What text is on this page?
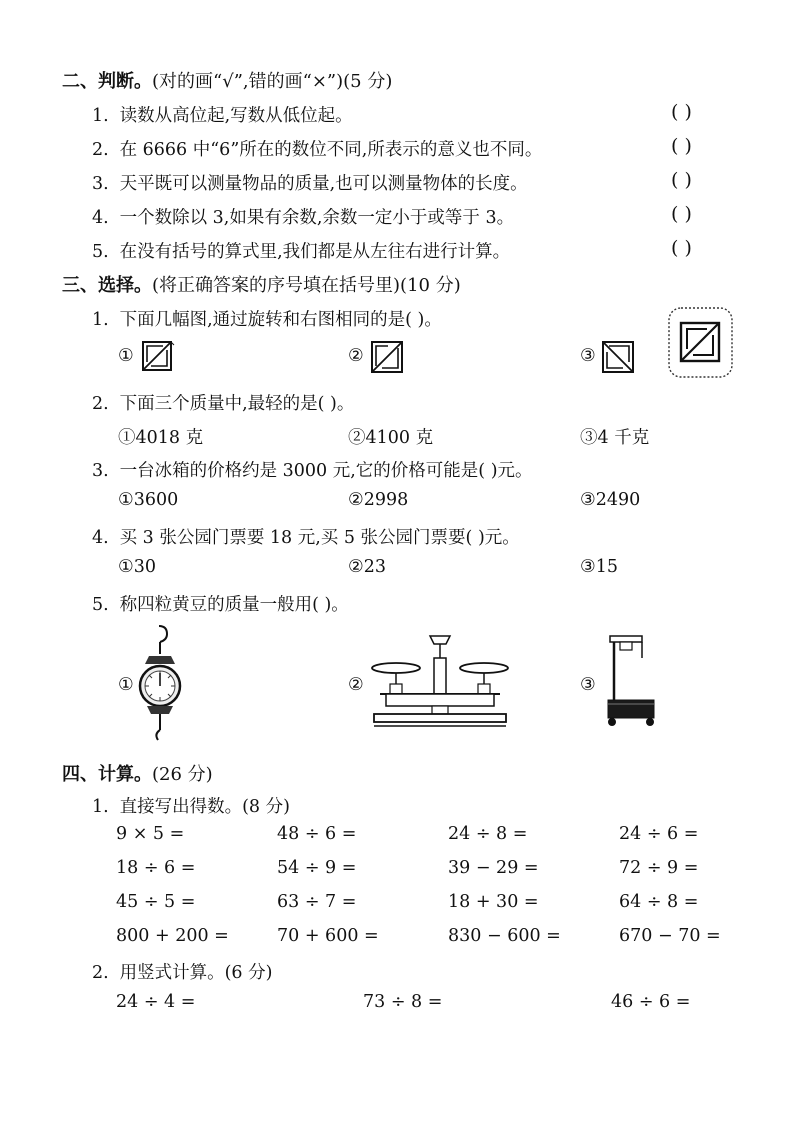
二、判断。(对的画“√”,错的画“×”)(5 分)
1. 读数从高位起,写数从低位起。	( )
2. 在 6666 中“6”所在的数位不同,所表示的意义也不同。	( )
3. 天平既可以测量物品的质量,也可以测量物体的长度。	( )
4. 一个数除以 3,如果有余数,余数一定小于或等于 3。	( )
5. 在没有括号的算式里,我们都是从左往右进行计算。	( )
三、选择。(将正确答案的序号填在括号里)(10 分)
1. 下面几幅图,通过旋转和右图相同的是( )。
①	②	③
2. 下面三个质量中,最轻的是( )。
①4018 克	②4100 克	③4 千克
3. 一台冰箱的价格约是 3000 元,它的价格可能是( )元。
①3600	②2998	③2490
4. 买 3 张公园门票要 18 元,买 5 张公园门票要( )元。
①30	②23	③15
5. 称四粒黄豆的质量一般用( )。
①	②	③
四、计算。(26 分)
1. 直接写出得数。(8 分)
9 × 5 =	48 ÷ 6 =	24 ÷ 8 =	24 ÷ 6 =
18 ÷ 6 =	54 ÷ 9 =	39 − 29 =	72 ÷ 9 =
45 ÷ 5 =	63 ÷ 7 =	18 + 30 =	64 ÷ 8 =
800 + 200 =	70 + 600 =	830 − 600 =	670 − 70 =
2. 用竖式计算。(6 分)
24 ÷ 4 =	73 ÷ 8 =	46 ÷ 6 =
